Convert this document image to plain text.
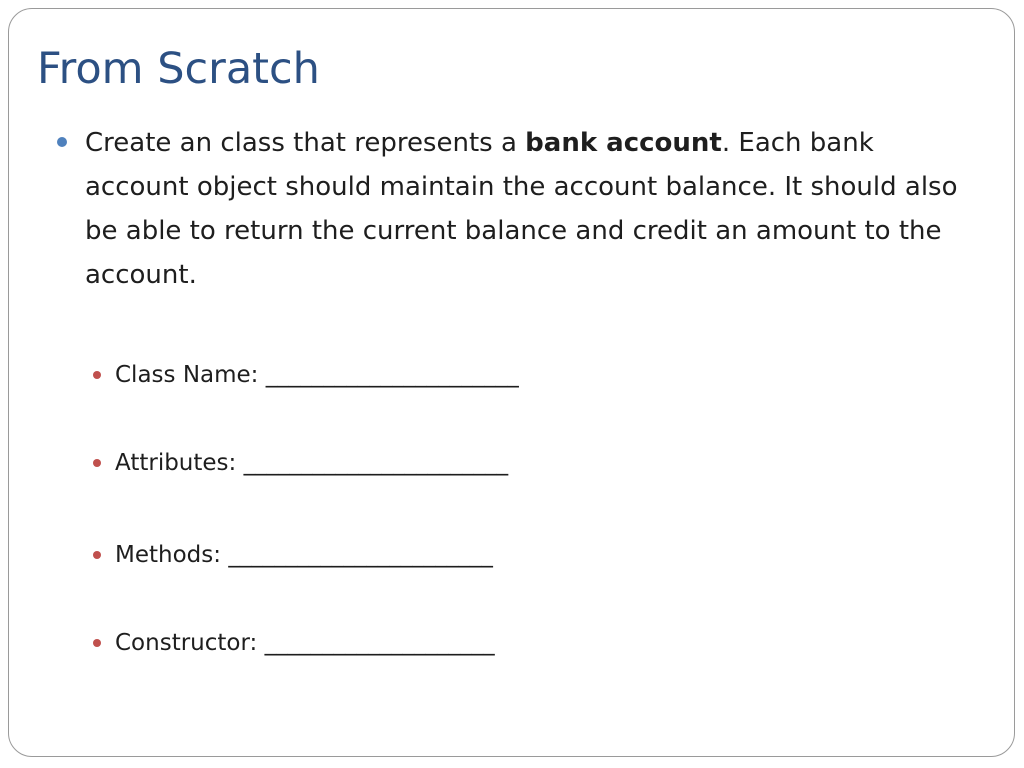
From Scratch

Create an class that represents a bank account. Each bank account object should maintain the account balance. It should also be able to return the current balance and credit an amount to the account.

Class Name: ______________________
Attributes: _______________________
Methods: _______________________
Constructor: ____________________
